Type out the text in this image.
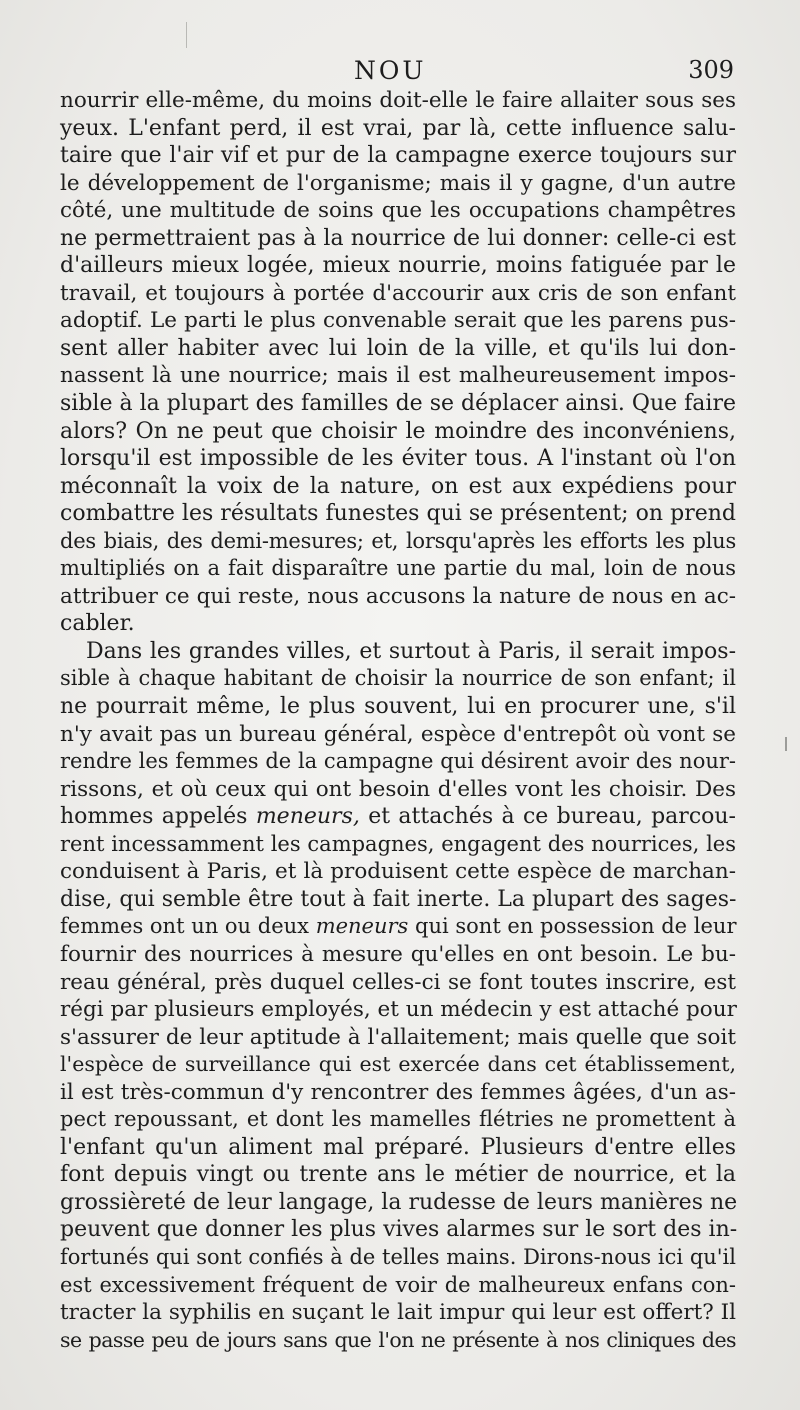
NOU	309
nourrir elle-même, du moins doit-elle le faire allaiter sous ses
yeux. L'enfant perd, il est vrai, par là, cette influence salu-
taire que l'air vif et pur de la campagne exerce toujours sur
le développement de l'organisme; mais il y gagne, d'un autre
côté, une multitude de soins que les occupations champêtres
ne permettraient pas à la nourrice de lui donner: celle-ci est
d'ailleurs mieux logée, mieux nourrie, moins fatiguée par le
travail, et toujours à portée d'accourir aux cris de son enfant
adoptif. Le parti le plus convenable serait que les parens pus-
sent aller habiter avec lui loin de la ville, et qu'ils lui don-
nassent là une nourrice; mais il est malheureusement impos-
sible à la plupart des familles de se déplacer ainsi. Que faire
alors? On ne peut que choisir le moindre des inconvéniens,
lorsqu'il est impossible de les éviter tous. A l'instant où l'on
méconnaît la voix de la nature, on est aux expédiens pour
combattre les résultats funestes qui se présentent; on prend
des biais, des demi-mesures; et, lorsqu'après les efforts les plus
multipliés on a fait disparaître une partie du mal, loin de nous
attribuer ce qui reste, nous accusons la nature de nous en ac-
cabler.
Dans les grandes villes, et surtout à Paris, il serait impos-
sible à chaque habitant de choisir la nourrice de son enfant; il
ne pourrait même, le plus souvent, lui en procurer une, s'il
n'y avait pas un bureau général, espèce d'entrepôt où vont se
rendre les femmes de la campagne qui désirent avoir des nour-
rissons, et où ceux qui ont besoin d'elles vont les choisir. Des
hommes appelés meneurs, et attachés à ce bureau, parcou-
rent incessamment les campagnes, engagent des nourrices, les
conduisent à Paris, et là produisent cette espèce de marchan-
dise, qui semble être tout à fait inerte. La plupart des sages-
femmes ont un ou deux meneurs qui sont en possession de leur
fournir des nourrices à mesure qu'elles en ont besoin. Le bu-
reau général, près duquel celles-ci se font toutes inscrire, est
régi par plusieurs employés, et un médecin y est attaché pour
s'assurer de leur aptitude à l'allaitement; mais quelle que soit
l'espèce de surveillance qui est exercée dans cet établissement,
il est très-commun d'y rencontrer des femmes âgées, d'un as-
pect repoussant, et dont les mamelles flétries ne promettent à
l'enfant qu'un aliment mal préparé. Plusieurs d'entre elles
font depuis vingt ou trente ans le métier de nourrice, et la
grossièreté de leur langage, la rudesse de leurs manières ne
peuvent que donner les plus vives alarmes sur le sort des in-
fortunés qui sont confiés à de telles mains. Dirons-nous ici qu'il
est excessivement fréquent de voir de malheureux enfans con-
tracter la syphilis en suçant le lait impur qui leur est offert? Il
se passe peu de jours sans que l'on ne présente à nos cliniques des
